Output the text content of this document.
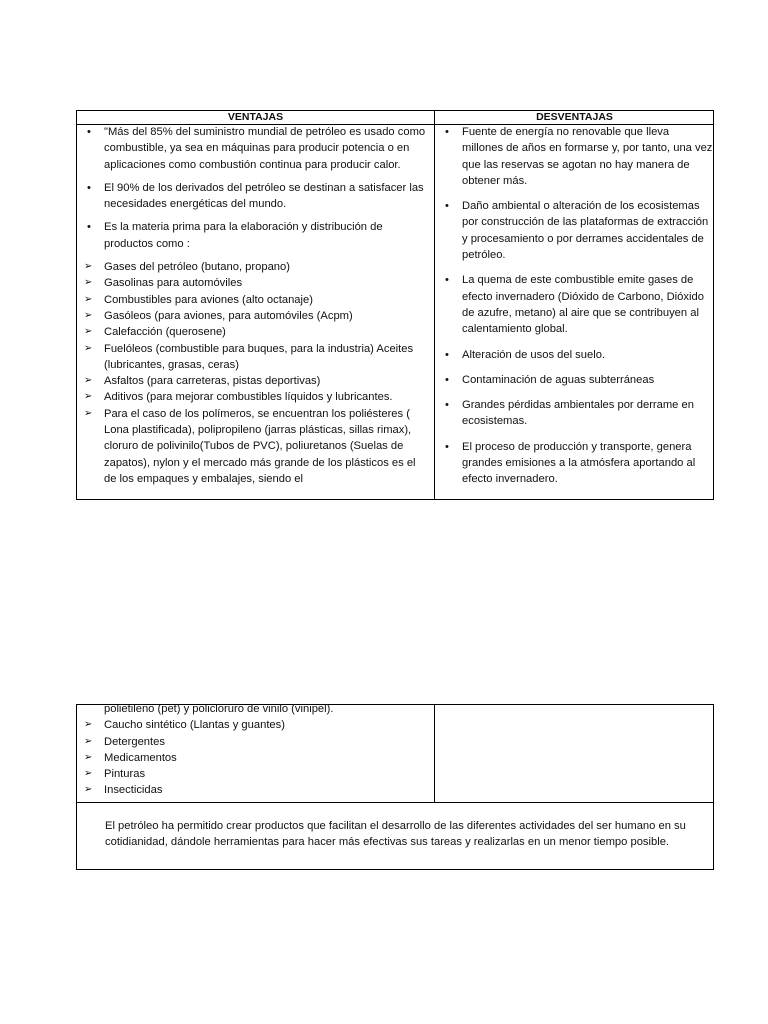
VENTAJAS	DESVENTAJAS
• "Más del 85% del suministro mundial de petróleo es usado como combustible, ya sea en máquinas para producir potencia o en aplicaciones como combustión continua para producir calor.
• El 90% de los derivados del petróleo se destinan a satisfacer las necesidades energéticas del mundo.
• Es la materia prima para la elaboración y distribución de productos como :
➢ Gases del petróleo (butano, propano)
➢ Gasolinas para automóviles
➢ Combustibles para aviones (alto octanaje)
➢ Gasóleos (para aviones, para automóviles (Acpm)
➢ Calefacción (querosene)
➢ Fuelóleos (combustible para buques, para la industria) Aceites (lubricantes, grasas, ceras)
➢ Asfaltos (para carreteras, pistas deportivas)
➢ Aditivos (para mejorar combustibles líquidos y lubricantes.
➢ Para el caso de los polímeros, se encuentran los poliésteres ( Lona plastificada), polipropileno (jarras plásticas, sillas rimax), cloruro de polivinilo(Tubos de PVC), poliuretanos (Suelas de zapatos), nylon y el mercado más grande de los plásticos es el de los empaques y embalajes, siendo el
• Fuente de energía no renovable que lleva millones de años en formarse y, por tanto, una vez que las reservas se agotan no hay manera de obtener más.
• Daño ambiental o alteración de los ecosistemas por construcción de las plataformas de extracción y procesamiento o por derrames accidentales de petróleo.
• La quema de este combustible emite gases de efecto invernadero (Dióxido de Carbono, Dióxido de azufre, metano) al aire que se contribuyen al calentamiento global.
• Alteración de usos del suelo.
• Contaminación de aguas subterráneas
• Grandes pérdidas ambientales por derrame en ecosistemas.
• El proceso de producción y transporte, genera grandes emisiones a la atmósfera aportando al efecto invernadero.
polietileno (pet) y policloruro de vinilo (vinipel).
➢ Caucho sintético (Llantas y guantes)
➢ Detergentes
➢ Medicamentos
➢ Pinturas
➢ Insecticidas
El petróleo ha permitido crear productos que facilitan el desarrollo de las diferentes actividades del ser humano en su cotidianidad, dándole herramientas para hacer más efectivas sus tareas y realizarlas en un menor tiempo posible.
